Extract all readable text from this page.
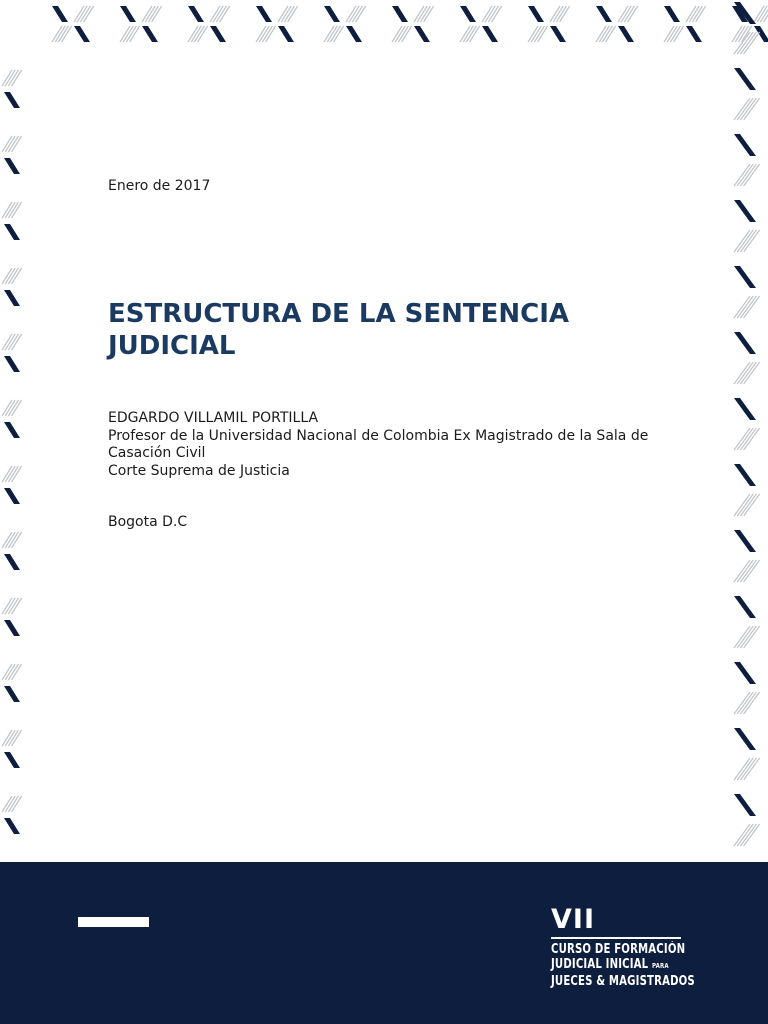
Enero de 2017
ESTRUCTURA DE LA SENTENCIA JUDICIAL
EDGARDO VILLAMIL PORTILLA
Profesor de la Universidad Nacional de Colombia Ex Magistrado de la Sala de
Casación Civil
Corte Suprema de Justicia
Bogota D.C
VII
CURSO DE FORMACIÓN
JUDICIAL INICIAL PARA
JUECES & MAGISTRADOS
